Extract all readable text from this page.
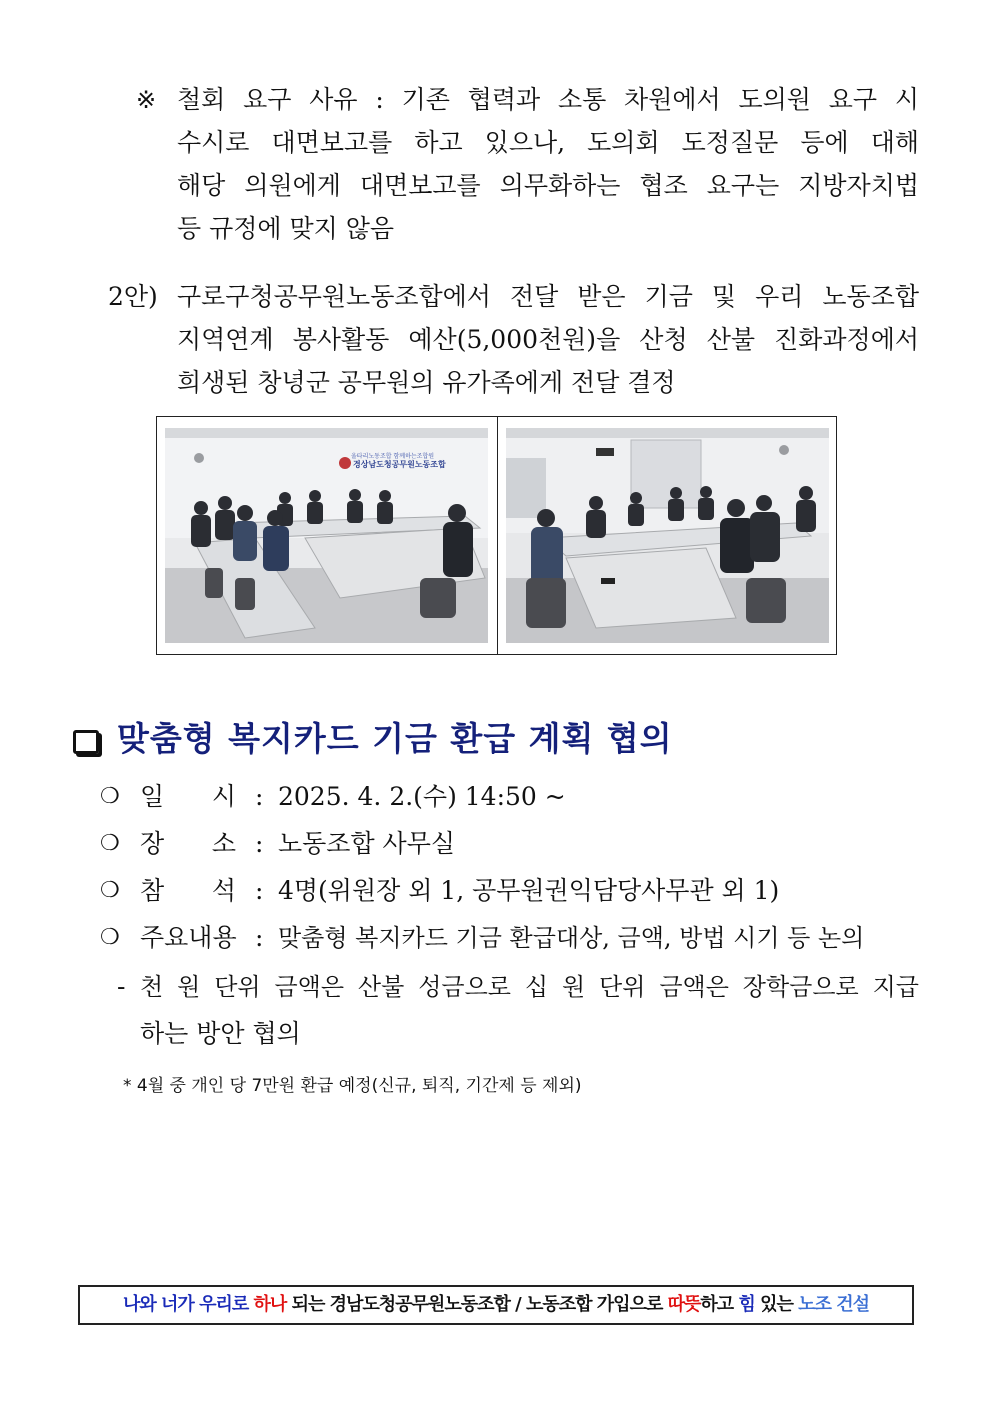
※ 철회 요구 사유 : 기존 협력과 소통 차원에서 도의원 요구 시
수시로 대면보고를 하고 있으나, 도의회 도정질문 등에 대해
해당 의원에게 대면보고를 의무화하는 협조 요구는 지방자치법
등 규정에 맞지 않음
2안) 구로구청공무원노동조합에서 전달 받은 기금 및 우리 노동조합
지역연계 봉사활동 예산(5,000천원)을 산청 산불 진화과정에서
희생된 창녕군 공무원의 유가족에게 전달 결정
울타리노동조합 함께하는조합원
경상남도청공무원노동조합
맞춤형 복지카드 기금 환급 계획 협의
❍ 일      시 : 2025. 4. 2.(수) 14:50 ~
❍ 장      소 : 노동조합 사무실
❍ 참      석 : 4명(위원장 외 1, 공무원권익담당사무관 외 1)
❍ 주요내용 : 맞춤형 복지카드 기금 환급대상, 금액, 방법 시기 등 논의
- 천 원 단위 금액은 산불 성금으로 십 원 단위 금액은 장학금으로 지급
하는 방안 협의
* 4월 중 개인 당 7만원 환급 예정(신규, 퇴직, 기간제 등 제외)
나와 너가 우리로 하나 되는 경남도청공무원노동조합 / 노동조합 가입으로 따뜻하고 힘 있는 노조 건설
